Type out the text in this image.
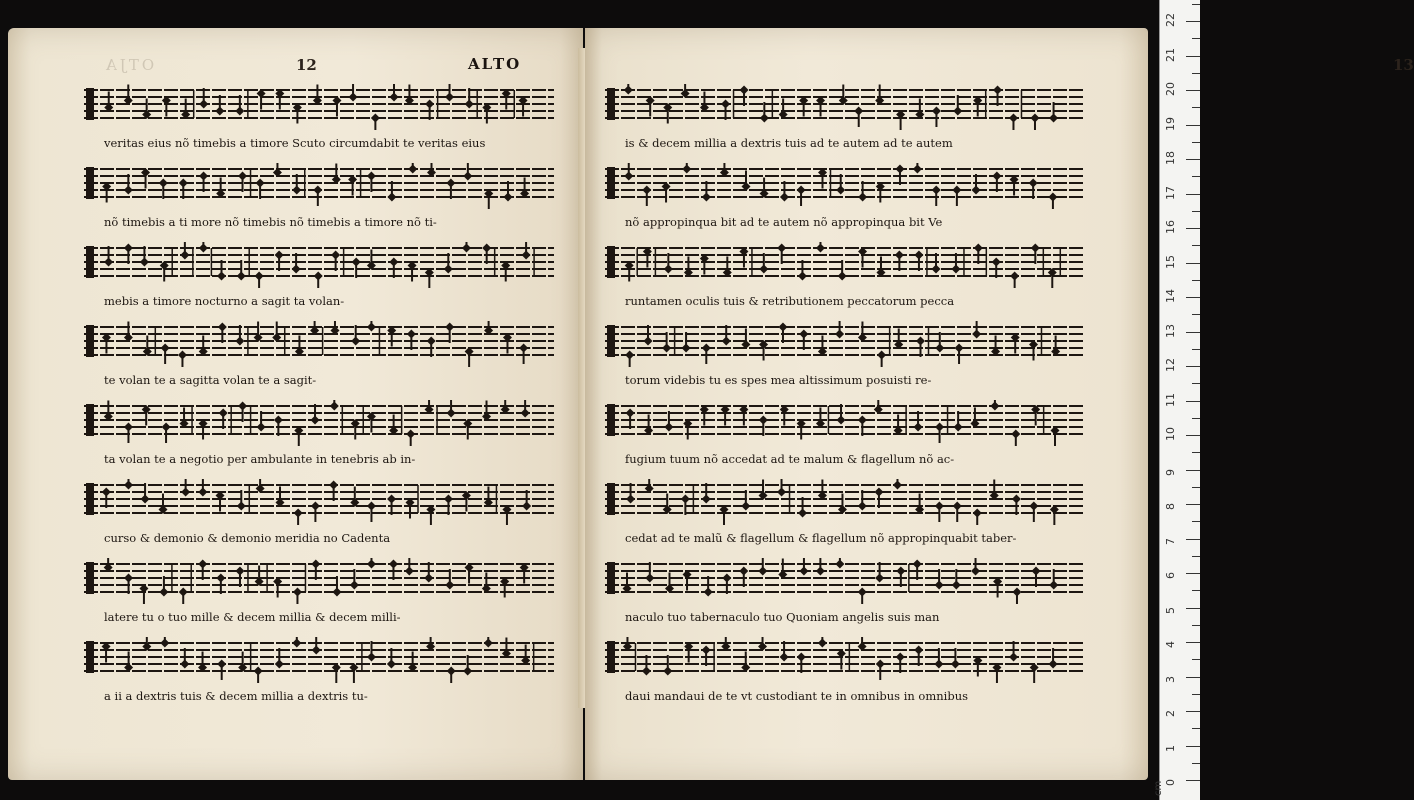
OTJA	12	ALTO
veritas eius nõ timebis a timore Scuto circumdabit te veritas eius
nõ timebis a ti more nõ timebis nõ timebis a timore nõ ti-
mebis a timore nocturno a sagit ta volan-
te volan te a sagitta volan te a sagit-
ta volan te a negotio per ambulante in tenebris ab in-
curso & demonio & demonio meridia no Cadenta
latere tu o tuo mille & decem millia & decem milli-
a ii a dextris tuis & decem millia a dextris tu-
13
is & decem millia a dextris tuis ad te autem ad te autem
nõ appropinqua bit ad te autem nõ appropinqua bit Ve
runtamen oculis tuis & retributionem peccatorum pecca
torum videbis tu es spes mea altissimum posuisti re-
fugium tuum nõ accedat ad te malum & flagellum nõ ac-
cedat ad te malũ & flagellum & flagellum nõ appropinquabit taber-
naculo tuo tabernaculo tuo Quoniam angelis suis man
daui mandaui de te vt custodiant te in omnibus in omnibus
cm 0
1
2
3
4
5
6
7
8
9
10
11
12
13
14
15
16
17
18
19
20
21
22
